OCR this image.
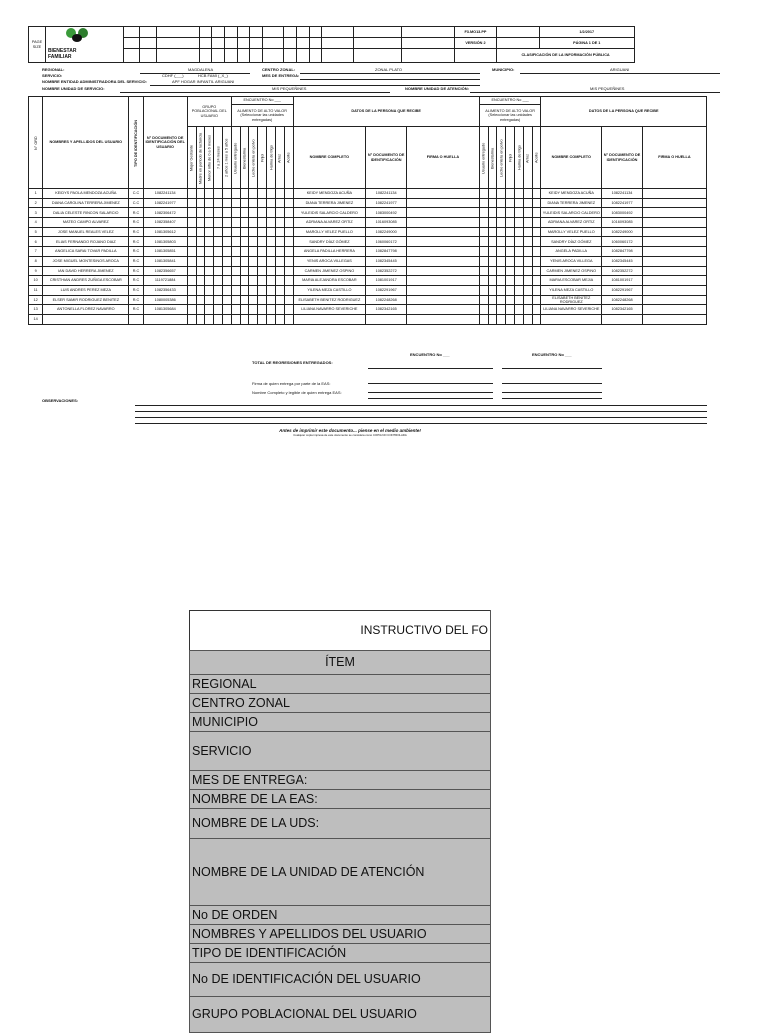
PAGE SIZE	BIENESTAR
FAMILIAR																F3.MO13.PP		1/2/2017
																	VERSIÓN 2		PÁGINA 1 DE 1
																		CLASIFICACIÓN DE LA INFORMACIÓN PÚBLICA	
REGIONAL:	MAGDALENA	CENTRO ZONAL:	ZONAL PLATO	MUNICIPIO:	ARIGUANI
SERVICIO:	CDHF (___)	HCB FAMI (_X_)	MES DE ENTREGA:
NOMBRE ENTIDAD ADMINISTRADORA DEL SERVICIO:	APF HOGAR INFANTIL ARIGUANI
NOMBRE UNIDAD DE SERVICIO:	MIS PEQUEÑINES	NOMBRE UNIDAD DE ATENCIÓN:	MIS PEQUEÑINES
N° ORD	NOMBRES Y APELLIDOS DEL USUARIO	TIPO DE IDENTIFICACIÓN	N° DOCUMENTO DE IDENTIFICACIÓN DEL USUARIO	GRUPO POBLACIONAL DEL USUARIO					ENCUENTRO No ___							DATOS DE LA PERSONA QUE RECIBE			ENCUENTRO No ___							DATOS DE LA PERSONA QUE RECIBE		
									ALIMENTO DE ALTO VALOR (Seleccionar las unidades entregadas)										ALIMENTO DE ALTO VALOR (Seleccionar las unidades entregadas)									
				Mujer Gestante	Madre en periodo de lactancia	Menor niño de 0 a 6 meses	7 a 24 meses	2 años 1 mes a 5 años	Usuario entregado	Bienestarina	Leche entera en polvo	Frijol	Harina de trigo	Arroz	Aceite	NOMBRE COMPLETO	N° DOCUMENTO DE IDENTIFICACIÓN	FIRMA O HUELLA	Usuario entregado	Bienestarina	Leche entera en polvo	Frijol	Harina de trigo	Arroz	Aceite	NOMBRE COMPLETO	N° DOCUMENTO DE IDENTIFICACIÓN	FIRMA O HUELLA
1	KEIDYS PAOLA MENDOZA ACUÑA	C.C	1082241134													KEIDY MENDOZA ACUÑA	1082241134									KEIDY MENDOZA ACUÑA	1082241134	
2	DIANA CAROLINA TERRERA JIMENEZ	C.C	1082241977													DIANA TERRERA JIMENEZ	1082241977									DIANA TERRERA JIMENEZ	1082241977	
3	DALIA CELESTE RINCON SALARCIO	R.C	1082306472													YULEIDIS SALARCIO CALDERO	1083000492									YULEIDIS SALARCIO CALDERO	1083000492	
4	MATEO CAMPO ALVAREZ	R.C	1082358407													ADRIANA ALVAREZ ORTIZ	1016093085									ADRIANA ALVAREZ ORTIZ	1016093085	
5	JOSE MANUEL REALES VELEZ	R.C	1081305612													MAROLLY VELEZ PUELLO	1082249000									MAROLLY VELEZ PUELLO	1082249000	
6	ELIAS FERNANDO ROJANO DIAZ	R.C	1081305803													SANDRY DÍAZ GÓMEZ	1060060172									SANDRY DÍAZ GÓMEZ	1060060172	
7	ANGELICA SARAI TOVAR PADILLA	R.C	1081305851													ANGELA PADILLA HERRERA	1082847798									ANGELA PADILLA	1082847798	
8	JOSE MIGUEL MONTESINOS AROCA	R.C	1081305841													YENIS AROCA VILLEGAS	1082345445									YENIS AROCA VILLEGA	1082345445	
9	IAN DAVID HERRERA JIMENEZ	R.C	1082356657													CARMEN JIMENEZ OSPINO	1082352272									CARMEN JIMENEZ OSPINO	1082352272	
10	CRISTHIAN ANDRES ZUÑIGA ESCOBAR	R.C	1119721884													MARIA ALEJANDRA ESCOBAR	1081001917									MARIA ESCOBAR MEJIA	1081001917	
11	LUIS ANDRES PEREZ MEZA	R.C	1082356433													YILENA MEZA CASTILLO	1082291967									YILENA MEZA CASTILLO	1082291967	
12	ELSER SAMIR RODRIGUEZ BENITEZ	R.C	1080005386													ELISABETH BENITEZ RODRIGUEZ	1082248268									ELISABETH BENITEZ RODRIGUEZ	1082248268	
13	ANTONELLA FLOREZ NAVARRO	R.C	1081305684													LILIANA NAVARRO SEVERICHE	1082342165									LILIANA NAVARRO SEVERICHE	1082342165	
14																												
ENCUENTRO No ___	ENCUENTRO No ___
TOTAL DE REGRESIONES ENTREGADOS:
Firma de quien entrega por parte de la EAS:
Nombre Completo y legible de quien entrega EAS:
OBSERVACIONES:
Antes de imprimir este documento... piense en el medio ambiente!
Cualquier copia impresa de este documento se considera como COPIA NO CONTROLADA
INSTRUCTIVO DEL FO
ÍTEM
REGIONAL
CENTRO ZONAL
MUNICIPIO
SERVICIO
MES DE ENTREGA:
NOMBRE DE LA EAS:
NOMBRE DE LA UDS:
NOMBRE DE LA UNIDAD DE ATENCIÓN
No DE ORDEN
NOMBRES Y APELLIDOS DEL USUARIO
TIPO DE IDENTIFICACIÓN
No DE IDENTIFICACIÓN DEL USUARIO
GRUPO POBLACIONAL DEL USUARIO
